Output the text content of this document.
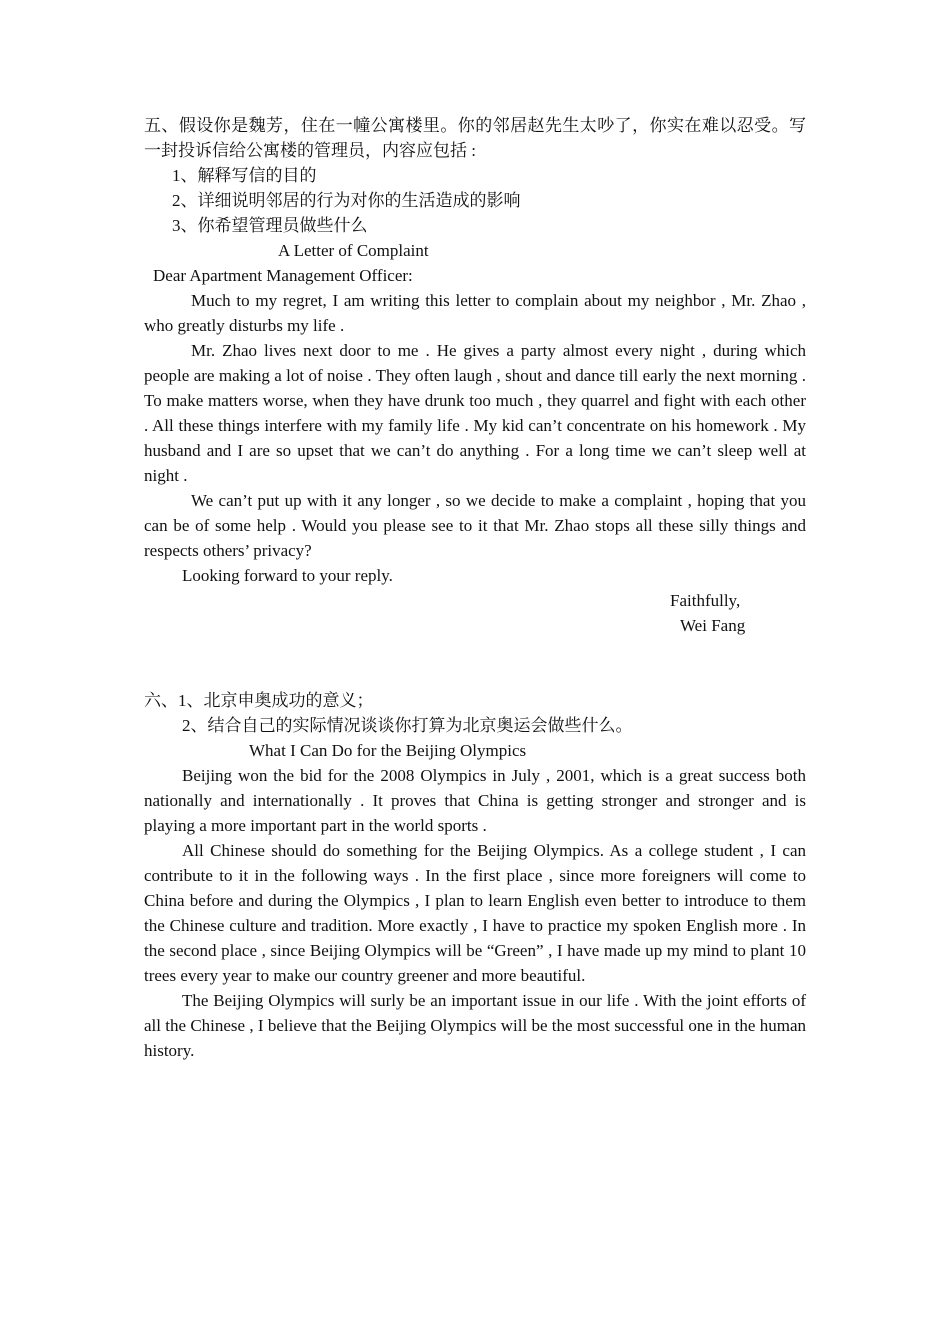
五、假设你是魏芳，住在一幢公寓楼里。你的邻居赵先生太吵了，你实在难以忍受。写一封投诉信给公寓楼的管理员，内容应包括 :
1、解释写信的目的
2、详细说明邻居的行为对你的生活造成的影响
3、你希望管理员做些什么
A Letter of Complaint
Dear Apartment Management Officer:
Much to my regret, I am writing this letter to complain about my neighbor , Mr. Zhao , who greatly disturbs my life .
Mr. Zhao lives next door to me . He gives a party almost every night , during which people are making a lot of noise . They often laugh , shout and dance till early the next morning . To make matters worse, when they have drunk too much , they quarrel and fight with each other . All these things interfere with my family life . My kid can’t concentrate on his homework . My husband and I are so upset that we can’t do anything . For a long time we can’t sleep well at night .
We can’t put up with it any longer , so we decide to make a complaint , hoping that you can be of some help . Would you please see to it that Mr. Zhao stops all these silly things and respects others’ privacy?
Looking forward to your reply.
Faithfully,
Wei Fang
六、1、北京申奥成功的意义；
2、结合自己的实际情况谈谈你打算为北京奥运会做些什么。
What I Can Do for the Beijing Olympics
Beijing won the bid for the 2008 Olympics in July , 2001, which is a great success both nationally and internationally . It proves that China is getting stronger and stronger and is playing a more important part in the world sports .
All Chinese should do something for the Beijing Olympics. As a college student , I can contribute to it in the following ways . In the first place , since more foreigners will come to China before and during the Olympics , I plan to learn English even better to introduce to them the Chinese culture and tradition. More exactly , I have to practice my spoken English more . In the second place , since Beijing Olympics will be “Green” , I have made up my mind to plant 10 trees every year to make our country greener and more beautiful.
The Beijing Olympics will surly be an important issue in our life . With the joint efforts of all the Chinese , I believe that the Beijing Olympics will be the most successful one in the human history.
